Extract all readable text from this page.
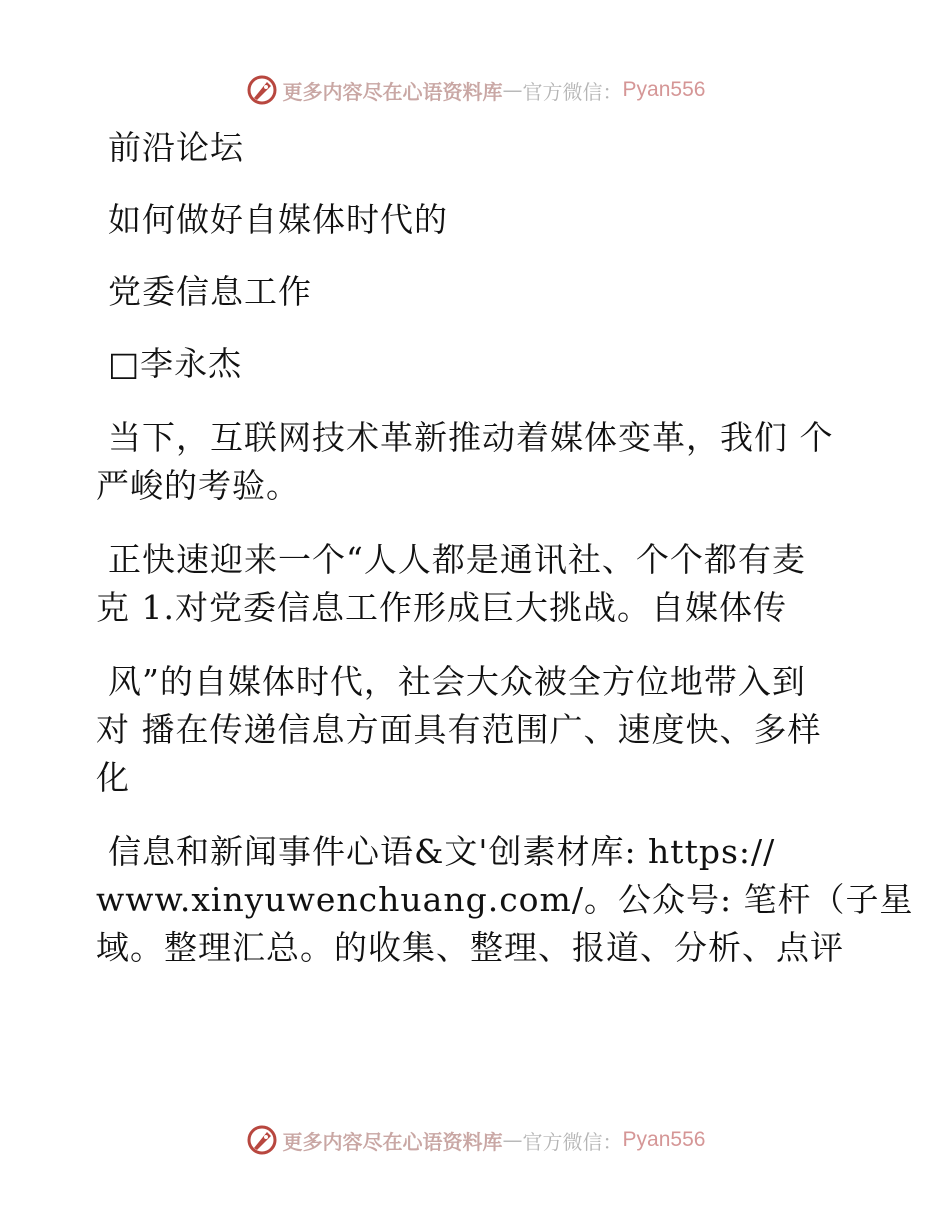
更多内容尽在心语资料库 — 官方微信： Pyan556
前沿论坛
如何做好自媒体时代的
党委信息工作
□李永杰
当下，互联网技术革新推动着媒体变革，我们 个
严峻的考验。
正快速迎来一个“人人都是通讯社、个个都有麦
克 1.对党委信息工作形成巨大挑战。自媒体传
风”的自媒体时代，社会大众被全方位地带入到
对 播在传递信息方面具有范围广、速度快、多样
化
信息和新闻事件心语&文'创素材库: https://
www.xinyuwenchuang.com/。公众号: 笔杆（子星
域。整理汇总。的收集、整理、报道、分析、点评
更多内容尽在心语资料库 — 官方微信： Pyan556
